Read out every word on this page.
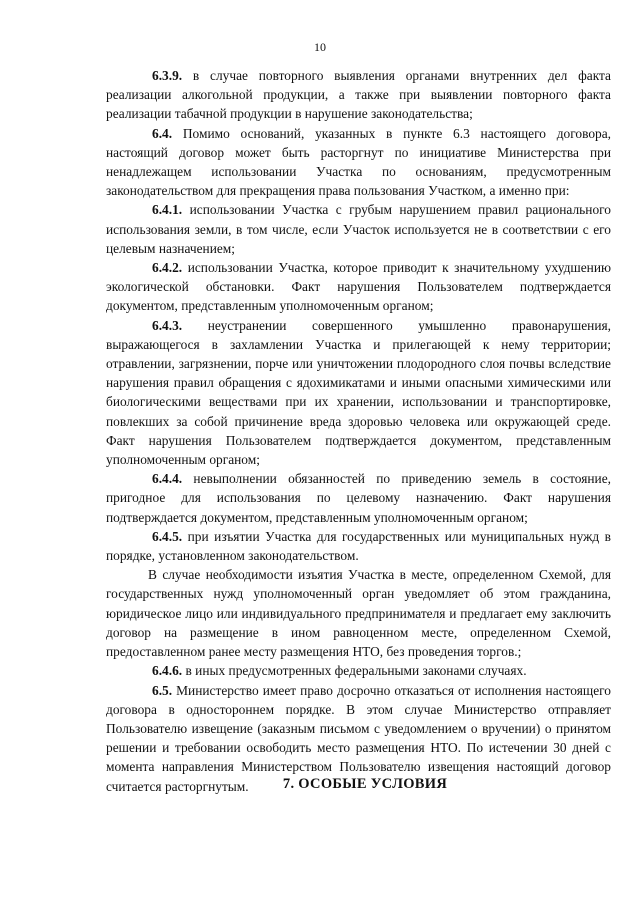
10

6.3.9. в случае повторного выявления органами внутренних дел факта реализации алкогольной продукции, а также при выявлении повторного факта реализации табачной продукции в нарушение законодательства;

6.4. Помимо оснований, указанных в пункте 6.3 настоящего договора, настоящий договор может быть расторгнут по инициативе Министерства при ненадлежащем использовании Участка по основаниям, предусмотренным законодательством для прекращения права пользования Участком, а именно при:

6.4.1. использовании Участка с грубым нарушением правил рационального использования земли, в том числе, если Участок используется не в соответствии с его целевым назначением;

6.4.2. использовании Участка, которое приводит к значительному ухудшению экологической обстановки. Факт нарушения Пользователем подтверждается документом, представленным уполномоченным органом;

6.4.3. неустранении совершенного умышленно правонарушения, выражающегося в захламлении Участка и прилегающей к нему территории; отравлении, загрязнении, порче или уничтожении плодородного слоя почвы вследствие нарушения правил обращения с ядохимикатами и иными опасными химическими или биологическими веществами при их хранении, использовании и транспортировке, повлекших за собой причинение вреда здоровью человека или окружающей среде. Факт нарушения Пользователем подтверждается документом, представленным уполномоченным органом;

6.4.4. невыполнении обязанностей по приведению земель в состояние, пригодное для использования по целевому назначению. Факт нарушения подтверждается документом, представленным уполномоченным органом;

6.4.5. при изъятии Участка для государственных или муниципальных нужд в порядке, установленном законодательством.

В случае необходимости изъятия Участка в месте, определенном Схемой, для государственных нужд уполномоченный орган уведомляет об этом гражданина, юридическое лицо или индивидуального предпринимателя и предлагает ему заключить договор на размещение в ином равноценном месте, определенном Схемой, предоставленном ранее месту размещения НТО, без проведения торгов.;

6.4.6. в иных предусмотренных федеральными законами случаях.

6.5. Министерство имеет право досрочно отказаться от исполнения настоящего договора в одностороннем порядке. В этом случае Министерство отправляет Пользователю извещение (заказным письмом с уведомлением о вручении) о принятом решении и требовании освободить место размещения НТО. По истечении 30 дней с момента направления Министерством Пользователю извещения настоящий договор считается расторгнутым.	7. ОСОБЫЕ УСЛОВИЯ
